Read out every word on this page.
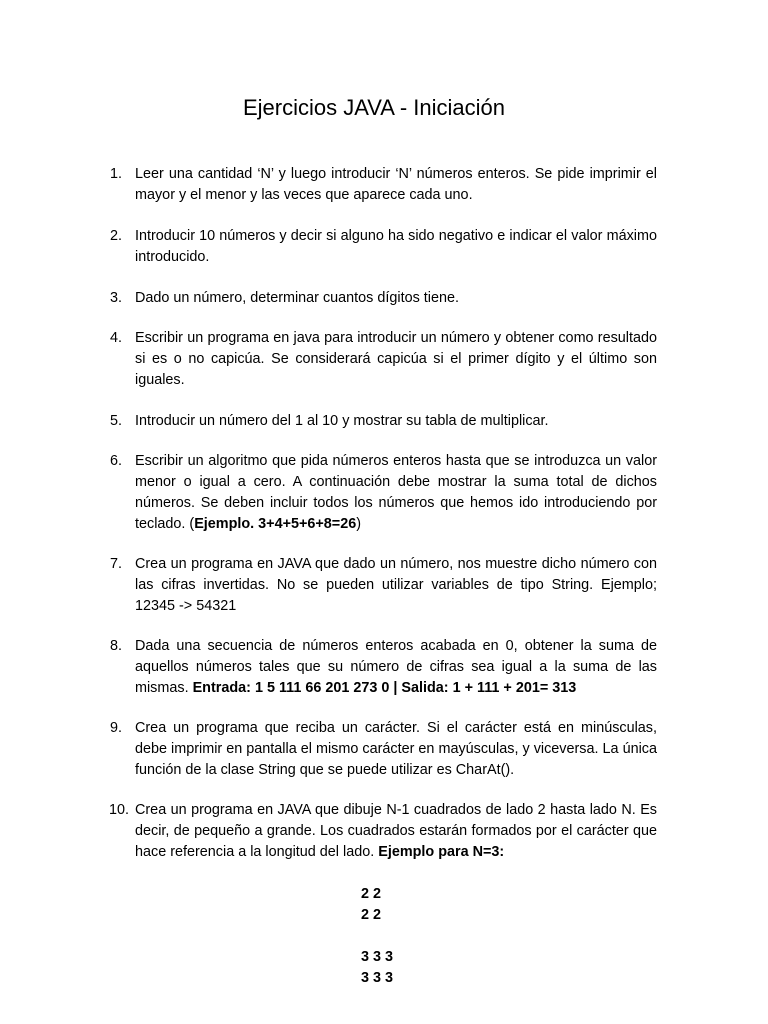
Ejercicios JAVA - Iniciación
1. Leer una cantidad ‘N’ y luego introducir ‘N’ números enteros. Se pide imprimir el mayor y el menor y las veces que aparece cada uno.
2. Introducir 10 números y decir si alguno ha sido negativo e indicar el valor máximo introducido.
3. Dado un número, determinar cuantos dígitos tiene.
4. Escribir un programa en java para introducir un número y obtener como resultado si es o no capicúa. Se considerará capicúa si el primer dígito y el último son iguales.
5. Introducir un número del 1 al 10 y mostrar su tabla de multiplicar.
6. Escribir un algoritmo que pida números enteros hasta que se introduzca un valor menor o igual a cero. A continuación debe mostrar la suma total de dichos números. Se deben incluir todos los números que hemos ido introduciendo por teclado. (Ejemplo. 3+4+5+6+8=26)
7. Crea un programa en JAVA que dado un número, nos muestre dicho número con las cifras invertidas. No se pueden utilizar variables de tipo String. Ejemplo; 12345 -> 54321
8. Dada una secuencia de números enteros acabada en 0, obtener la suma de aquellos números tales que su número de cifras sea igual a la suma de las mismas. Entrada: 1 5 111 66 201 273 0 | Salida: 1 + 111 + 201= 313
9. Crea un programa que reciba un carácter. Si el carácter está en minúsculas, debe imprimir en pantalla el mismo carácter en mayúsculas, y viceversa. La única función de la clase String que se puede utilizar es CharAt().
10. Crea un programa en JAVA que dibuje N-1 cuadrados de lado 2 hasta lado N. Es decir, de pequeño a grande. Los cuadrados estarán formados por el carácter que hace referencia a la longitud del lado. Ejemplo para N=3:
2 2
2 2
3 3 3
3 3 3
